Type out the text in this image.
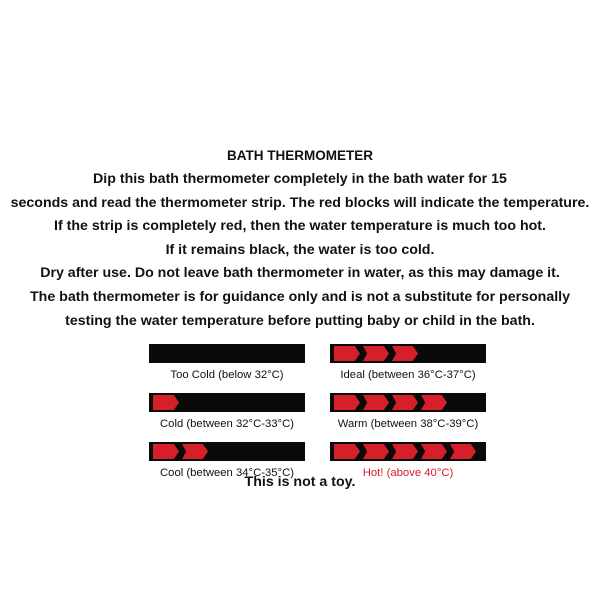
BATH THERMOMETER
Dip this bath thermometer completely in the bath water for 15
seconds and read the thermometer strip. The red blocks will indicate the temperature.
If the strip is completely red, then the water temperature is much too hot.
If it remains black, the water is too cold.
Dry after use. Do not leave bath thermometer in water, as this may damage it.
The bath thermometer is for guidance only and is not a substitute for personally
testing the water temperature before putting baby or child in the bath.
Too Cold (below 32°C)	Ideal (between 36°C-37°C)
Cold (between 32°C-33°C)	Warm (between 38°C-39°C)
Cool (between 34°C-35°C)	Hot! (above 40°C)
This is not a toy.
